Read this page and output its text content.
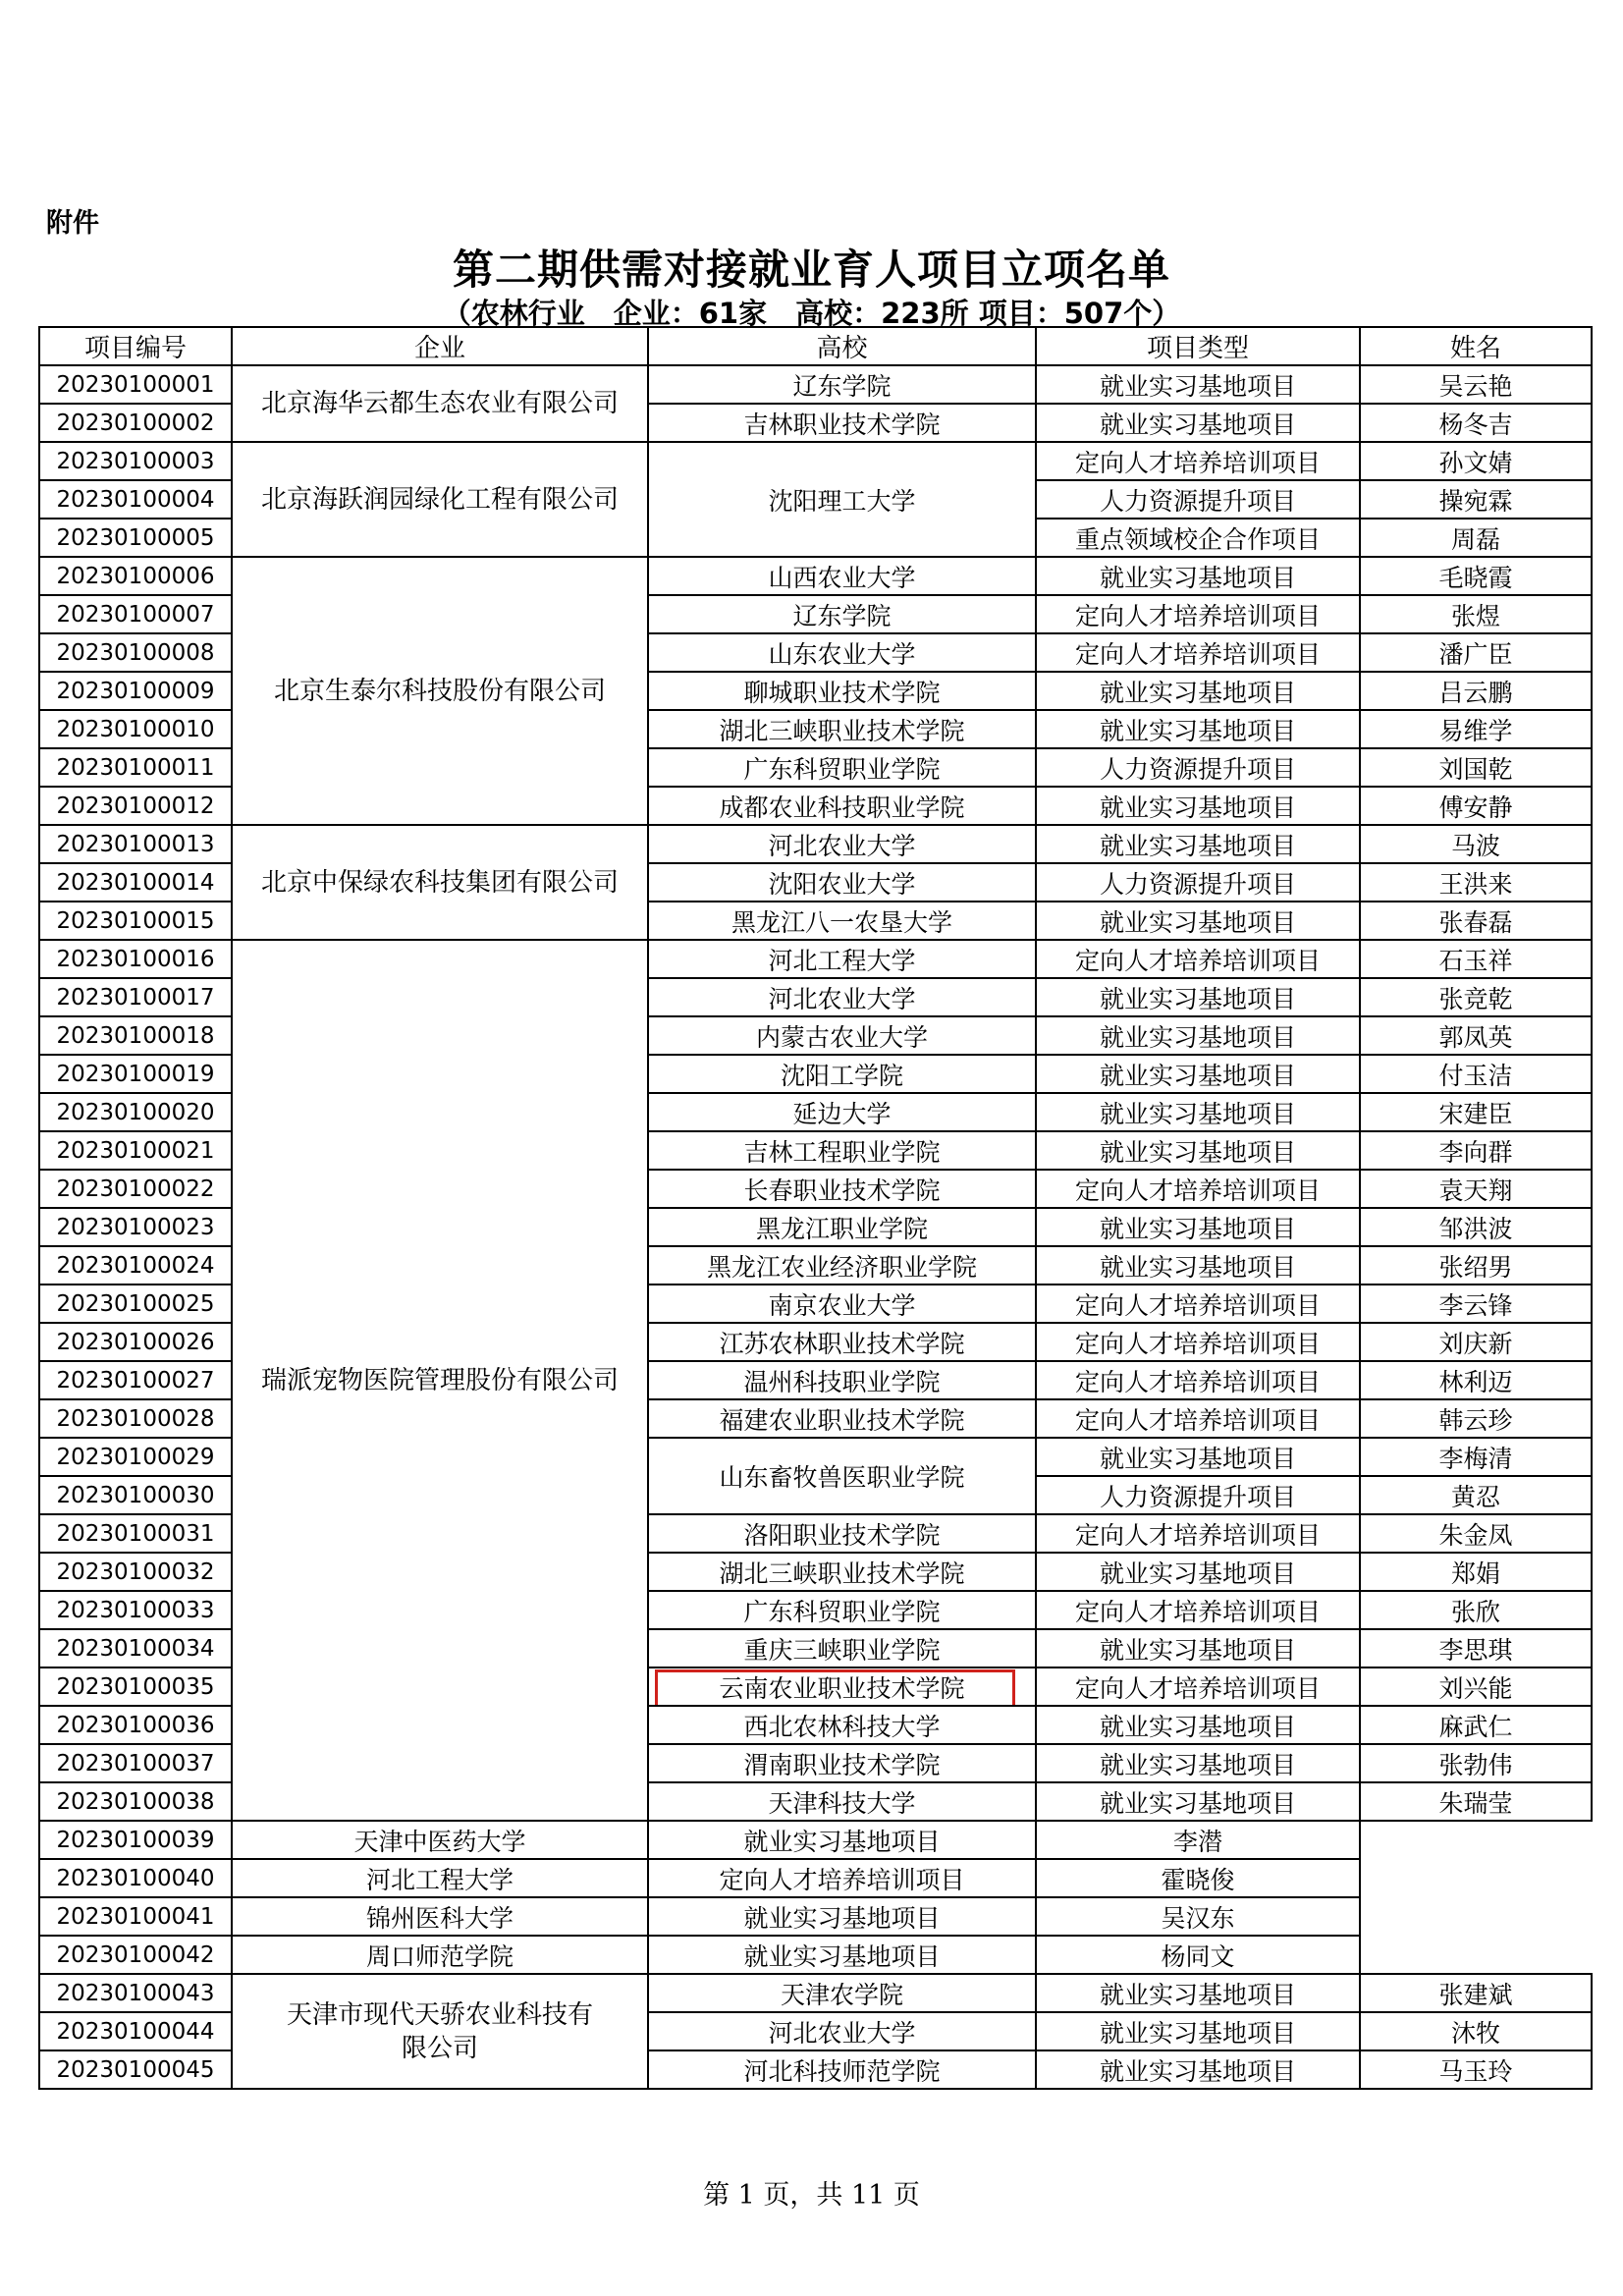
附件
第二期供需对接就业育人项目立项名单
（农林行业　企业：61家　高校：223所 项目：507个）
项目编号	企业	高校	项目类型	姓名
20230100001	北京海华云都生态农业有限公司	辽东学院	就业实习基地项目	吴云艳
20230100002		吉林职业技术学院	就业实习基地项目	杨冬吉
20230100003	北京海跃润园绿化工程有限公司	沈阳理工大学	定向人才培养培训项目	孙文婧
20230100004			人力资源提升项目	操宛霖
20230100005			重点领域校企合作项目	周磊
20230100006	北京生泰尔科技股份有限公司	山西农业大学	就业实习基地项目	毛晓霞
20230100007		辽东学院	定向人才培养培训项目	张煜
20230100008		山东农业大学	定向人才培养培训项目	潘广臣
20230100009		聊城职业技术学院	就业实习基地项目	吕云鹏
20230100010		湖北三峡职业技术学院	就业实习基地项目	易维学
20230100011		广东科贸职业学院	人力资源提升项目	刘国乾
20230100012		成都农业科技职业学院	就业实习基地项目	傅安静
20230100013	北京中保绿农科技集团有限公司	河北农业大学	就业实习基地项目	马波
20230100014		沈阳农业大学	人力资源提升项目	王洪来
20230100015		黑龙江八一农垦大学	就业实习基地项目	张春磊
20230100016	瑞派宠物医院管理股份有限公司	河北工程大学	定向人才培养培训项目	石玉祥
20230100017		河北农业大学	就业实习基地项目	张竞乾
20230100018		内蒙古农业大学	就业实习基地项目	郭凤英
20230100019		沈阳工学院	就业实习基地项目	付玉洁
20230100020		延边大学	就业实习基地项目	宋建臣
20230100021		吉林工程职业学院	就业实习基地项目	李向群
20230100022		长春职业技术学院	定向人才培养培训项目	袁天翔
20230100023		黑龙江职业学院	就业实习基地项目	邹洪波
20230100024		黑龙江农业经济职业学院	就业实习基地项目	张绍男
20230100025		南京农业大学	定向人才培养培训项目	李云锋
20230100026		江苏农林职业技术学院	定向人才培养培训项目	刘庆新
20230100027		温州科技职业学院	定向人才培养培训项目	林利迈
20230100028		福建农业职业技术学院	定向人才培养培训项目	韩云珍
20230100029		山东畜牧兽医职业学院	就业实习基地项目	李梅清
20230100030			人力资源提升项目	黄忍
20230100031		洛阳职业技术学院	定向人才培养培训项目	朱金凤
20230100032		湖北三峡职业技术学院	就业实习基地项目	郑娟
20230100033		广东科贸职业学院	定向人才培养培训项目	张欣
20230100034		重庆三峡职业学院	就业实习基地项目	李思琪
20230100035		云南农业职业技术学院	定向人才培养培训项目	刘兴能
20230100036		西北农林科技大学	就业实习基地项目	麻武仁
20230100037		渭南职业技术学院	就业实习基地项目	张勃伟
20230100038		天津科技大学	就业实习基地项目	朱瑞莹
20230100039	天津中医药大学	就业实习基地项目	李潜	
20230100040	河北工程大学	定向人才培养培训项目	霍晓俊	
20230100041	锦州医科大学	就业实习基地项目	吴汉东	
20230100042	周口师范学院	就业实习基地项目	杨同文	
20230100043	天津市现代天骄农业科技有限公司	天津农学院	就业实习基地项目	张建斌
20230100044		河北农业大学	就业实习基地项目	沐牧
20230100045		河北科技师范学院	就业实习基地项目	马玉玲
第 1 页，共 11 页
